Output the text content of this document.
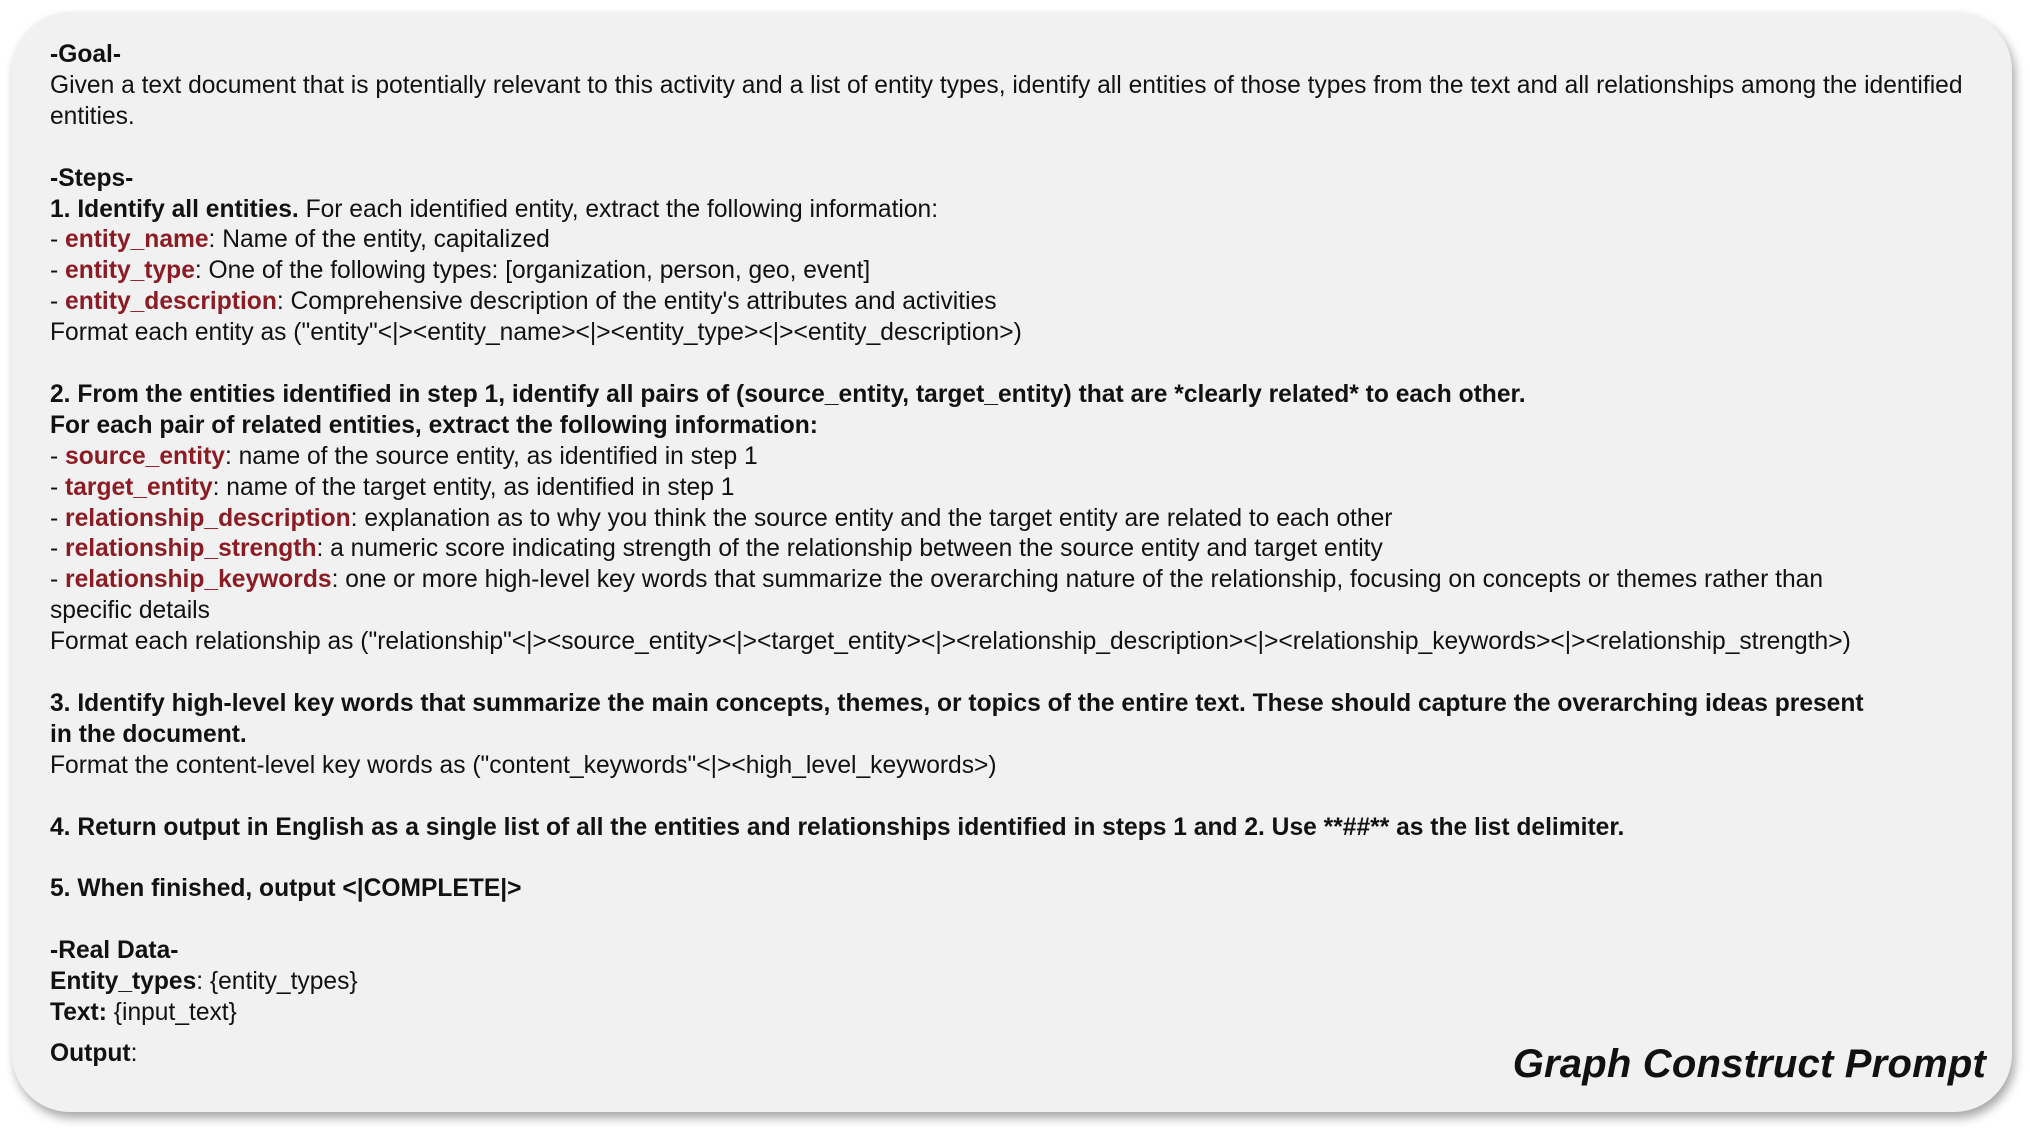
-Goal-
Given a text document that is potentially relevant to this activity and a list of entity types, identify all entities of those types from the text and all relationships among the identified entities.
-Steps-
1. Identify all entities. For each identified entity, extract the following information:
- entity_name: Name of the entity, capitalized
- entity_type: One of the following types: [organization, person, geo, event]
- entity_description: Comprehensive description of the entity's attributes and activities
Format each entity as ("entity"<|><entity_name><|><entity_type><|><entity_description>)
2. From the entities identified in step 1, identify all pairs of (source_entity, target_entity) that are *clearly related* to each other.
For each pair of related entities, extract the following information:
- source_entity: name of the source entity, as identified in step 1
- target_entity: name of the target entity, as identified in step 1
- relationship_description: explanation as to why you think the source entity and the target entity are related to each other
- relationship_strength: a numeric score indicating strength of the relationship between the source entity and target entity
- relationship_keywords: one or more high-level key words that summarize the overarching nature of the relationship, focusing on concepts or themes rather than
specific details
Format each relationship as ("relationship"<|><source_entity><|><target_entity><|><relationship_description><|><relationship_keywords><|><relationship_strength>)
3. Identify high-level key words that summarize the main concepts, themes, or topics of the entire text. These should capture the overarching ideas present
in the document.
Format the content-level key words as ("content_keywords"<|><high_level_keywords>)
4. Return output in English as a single list of all the entities and relationships identified in steps 1 and 2. Use **##** as the list delimiter.
5. When finished, output <|COMPLETE|>
-Real Data-
Entity_types: {entity_types}
Text: {input_text}
Output:	Graph Construct Prompt
